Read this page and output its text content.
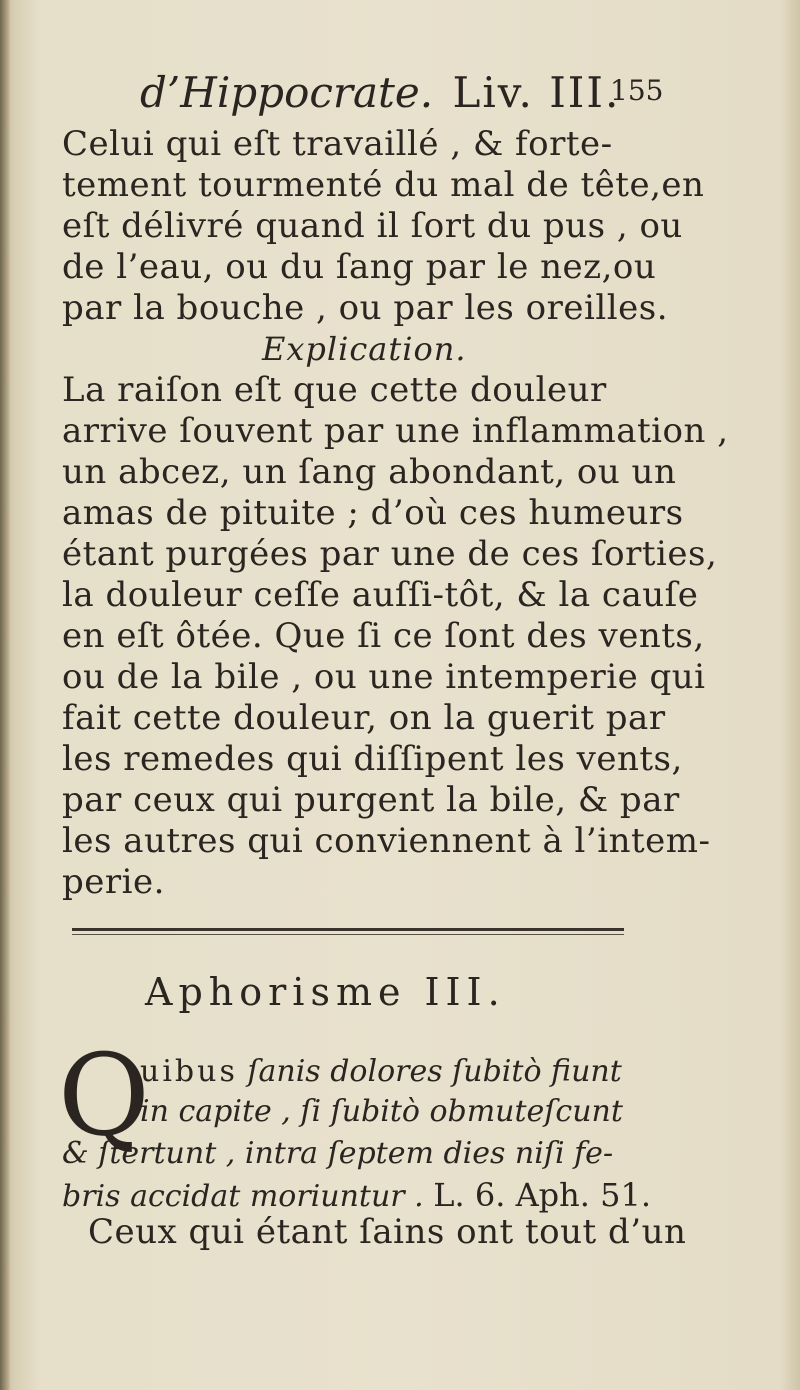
d’Hippocrate. Liv. III.
155
Celui qui eſt travaillé , & forte-
tement tourmenté du mal de tête,en
eſt délivré quand il ſort du pus , ou
de l’eau, ou du ſang par le nez,ou
par la bouche , ou par les oreilles.
Explication.
La raiſon eſt que cette douleur
arrive ſouvent par une inflammation ,
un abcez, un ſang abondant, ou un
amas de pituite ; d’où ces humeurs
étant purgées par une de ces ſorties,
la douleur ceſſe auſſi-tôt, & la cauſe
en eſt ôtée. Que ſi ce ſont des vents,
ou de la bile , ou une intemperie qui
fait cette douleur, on la guerit par
les remedes qui diſſipent les vents,
par ceux qui purgent la bile, & par
les autres qui conviennent à l’intem-
perie.
Aphorisme III.
Q
uibus ſanis dolores ſubitò fiunt
in capite , ſi ſubitò obmuteſcunt
& ſtertunt , intra ſeptem dies niſi fe-
bris accidat moriuntur . L. 6. Aph. 51.
Ceux qui étant ſains ont tout d’un
